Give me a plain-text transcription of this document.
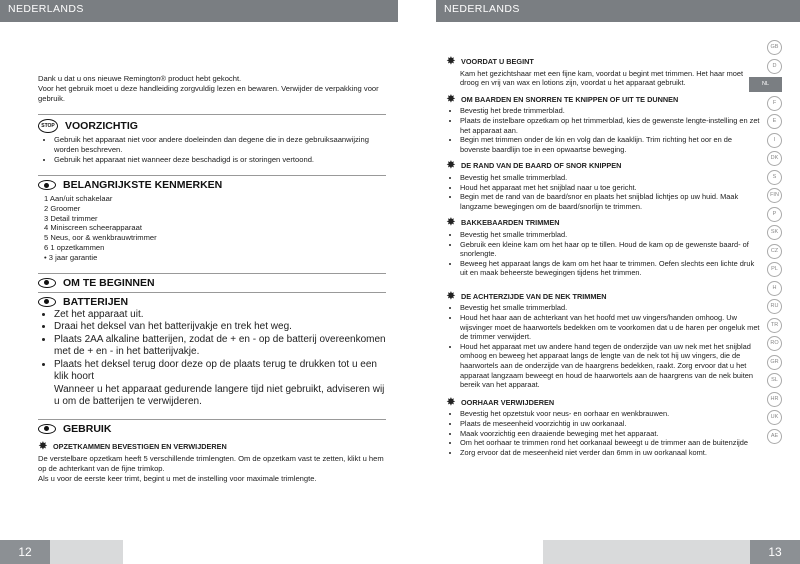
NEDERLANDS	NEDERLANDS

Dank u dat u ons nieuwe Remington® product hebt gekocht.

Voor het gebruik moet u deze handleiding zorgvuldig lezen en bewaren. Verwijder de verpakking voor gebruik.

STOP VOORZICHTIG
• Gebruik het apparaat niet voor andere doeleinden dan degene die in deze gebruiksaanwijzing worden beschreven.
• Gebruik het apparaat niet wanneer deze beschadigd is or storingen vertoond.
BELANGRIJKSTE KENMERKEN
1 Aan/uit schakelaar
2 Groomer
3 Detail trimmer
4 Miniscreen scheerapparaat
5 Neus, oor & wenkbrauwtrimmer
6 1 opzetkammen
• 3 jaar garantie
OM TE BEGINNEN
BATTERIJEN
• Zet het apparaat uit.
• Draai het deksel van het batterijvakje en trek het weg.
• Plaats 2AA alkaline batterijen, zodat de + en - op de batterij overeenkomen met de + en - in het batterijvakje.
• Plaats het deksel terug door deze op de plaats terug te drukken tot u een klik hoort
Wanneer u het apparaat gedurende langere tijd niet gebruikt, adviseren wij u om de batterijen te verwijderen.
GEBRUIK
✸ OPZETKAMMEN BEVESTIGEN EN VERWIJDEREN

De verstelbare opzetkam heeft 5 verschillende trimlengten. Om de opzetkam vast te zetten, klikt u hem op de achterkant van de fijne trimkop.

Als u voor de eerste keer trimt, begint u met de instelling voor maximale trimlengte.

✸ VOORDAT U BEGINT

Kam het gezichtshaar met een fijne kam, voordat u begint met trimmen. Het haar moet droog en vrij van wax en lotions zijn, voordat u het apparaat gebruikt.

✸ OM BAARDEN EN SNORREN TE KNIPPEN OF UIT TE DUNNEN
• Bevestig het brede trimmerblad.
• Plaats de instelbare opzetkam op het trimmerblad, kies de gewenste lengte-instelling en zet het apparaat aan.
• Begin met trimmen onder de kin en volg dan de kaaklijn. Trim richting het oor en de bovenste baardlijn toe in een opwaartse beweging.
✸ DE RAND VAN DE BAARD OF SNOR KNIPPEN
• Bevestig het smalle trimmerblad.
• Houd het apparaat met het snijblad naar u toe gericht.
• Begin met de rand van de baard/snor en plaats het snijblad lichtjes op uw huid. Maak langzame bewegingen om de baard/snorlijn te trimmen.
✸ BAKKEBAARDEN TRIMMEN
• Bevestig het smalle trimmerblad.
• Gebruik een kleine kam om het haar op te tillen. Houd de kam op de gewenste baard- of snorlengte.
• Beweeg het apparaat langs de kam om het haar te trimmen. Oefen slechts een lichte druk uit en maak beheerste bewegingen tijdens het trimmen.
✸ DE ACHTERZIJDE VAN DE NEK TRIMMEN
• Bevestig het smalle trimmerblad.
• Houd het haar aan de achterkant van het hoofd met uw vingers/handen omhoog. Uw wijsvinger moet de haarwortels bedekken om te voorkomen dat u de haren per ongeluk met de trimmer verwijdert.
• Houd het apparaat met uw andere hand tegen de onderzijde van uw nek met het snijblad omhoog en beweeg het apparaat langs de lengte van de nek tot hij uw vingers, die de haarwortels aan de onderzijde van de haargrens bedekken, raakt. Zorg ervoor dat u het apparaat langzaam beweegt en houd de haarwortels aan de haargrens van de nek buiten bereik van het apparaat.
✸ OORHAAR VERWIJDEREN
• Bevestig het opzetstuk voor neus- en oorhaar en wenkbrauwen.
• Plaats de meseenheid voorzichtig in uw oorkanaal.
• Maak voorzichtig een draaiende beweging met het apparaat.
• Om het oorhaar te trimmen rond het oorkanaal beweegt u de trimmer aan de buitenzijde
• Zorg ervoor dat de meseenheid niet verder dan 6mm in uw oorkanaal komt.
GB
D
NL
F
E
I
DK
S
FIN
P
SK
CZ
PL
H
RU
TR
RO
GR
SL
HR
UK
AE
12	13
